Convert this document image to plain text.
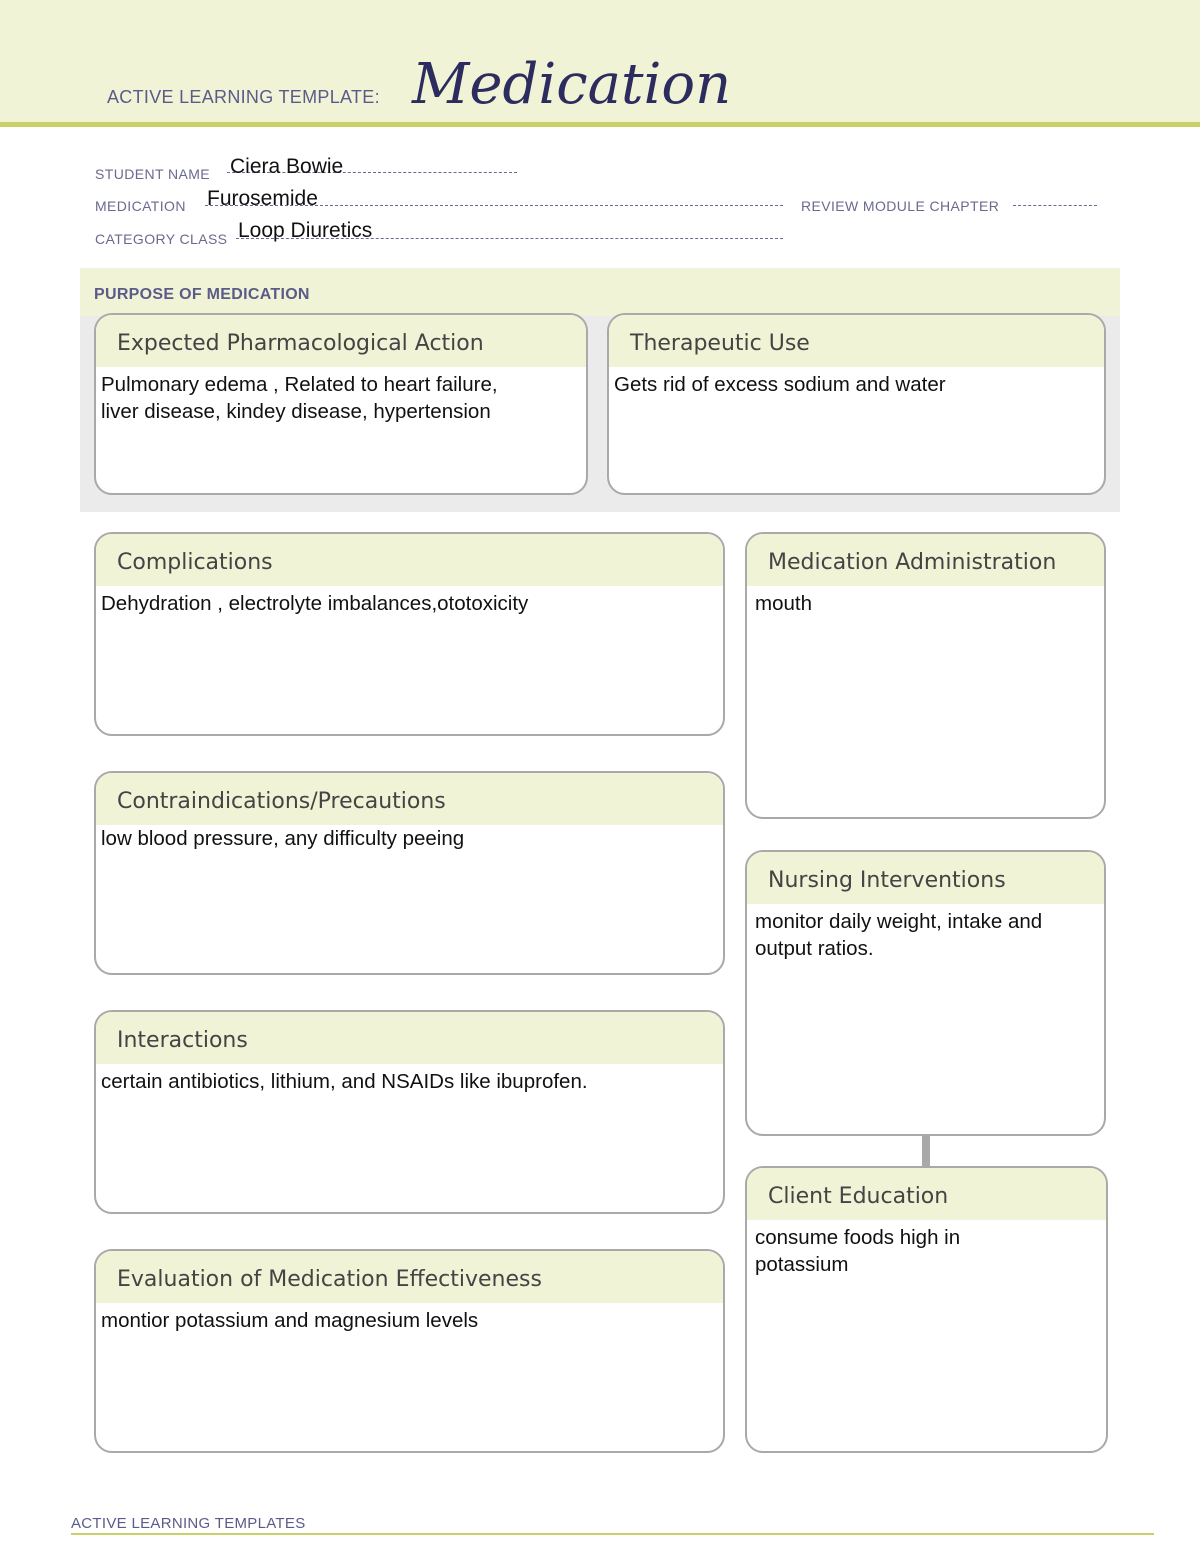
ACTIVE LEARNING TEMPLATE: Medication
STUDENT NAME Ciera Bowie
MEDICATION Furosemide	REVIEW MODULE CHAPTER
CATEGORY CLASS Loop Diuretics
PURPOSE OF MEDICATION
Expected Pharmacological Action
Pulmonary edema , Related to heart failure,
liver disease, kindey disease, hypertension
Therapeutic Use
Gets rid of excess sodium and water
Complications
Dehydration , electrolyte imbalances,ototoxicity
Contraindications/Precautions
low blood pressure, any difficulty peeing
Interactions
certain antibiotics, lithium, and NSAIDs like ibuprofen.
Evaluation of Medication Effectiveness
montior potassium and magnesium levels
Medication Administration
mouth
Nursing Interventions
monitor daily weight, intake and
output ratios.
Client Education
consume foods high in
potassium
ACTIVE LEARNING TEMPLATES
